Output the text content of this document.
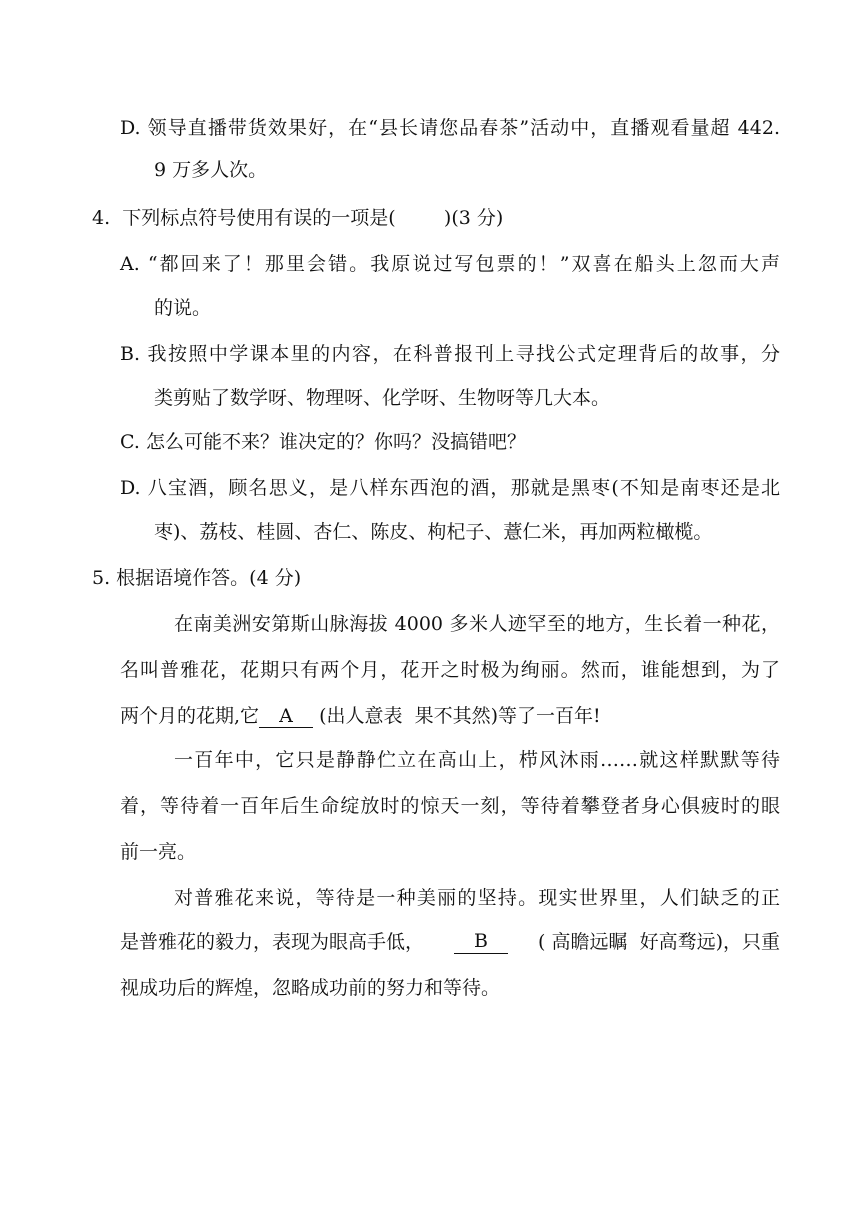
D. 领导直播带货效果好，在“县长请您品春茶”活动中，直播观看量超 442.
9 万多人次。
4.  下列标点符号使用有误的一项是(        )(3 分)
A. “都回来了！那里会错。我原说过写包票的！”双喜在船头上忽而大声
的说。
B. 我按照中学课本里的内容，在科普报刊上寻找公式定理背后的故事，分
类剪贴了数学呀、物理呀、化学呀、生物呀等几大本。
C. 怎么可能不来？谁决定的？你吗？没搞错吧？
D. 八宝酒，顾名思义，是八样东西泡的酒，那就是黑枣(不知是南枣还是北
枣)、荔枝、桂圆、杏仁、陈皮、枸杞子、薏仁米，再加两粒橄榄。
5. 根据语境作答。(4 分)
在南美洲安第斯山脉海拔 4000 多米人迹罕至的地方，生长着一种花，
名叫普雅花，花期只有两个月，花开之时极为绚丽。然而，谁能想到，为了
两个月的花期,它 A (出人意表  果不其然)等了一百年!
一百年中，它只是静静伫立在高山上，栉风沐雨……就这样默默等待
着，等待着一百年后生命绽放时的惊天一刻，等待着攀登者身心俱疲时的眼
前一亮。
对普雅花来说，等待是一种美丽的坚持。现实世界里，人们缺乏的正
是普雅花的毅力，表现为眼高手低，	B	( 高瞻远瞩  好高骛远)，只重
视成功后的辉煌，忽略成功前的努力和等待。
